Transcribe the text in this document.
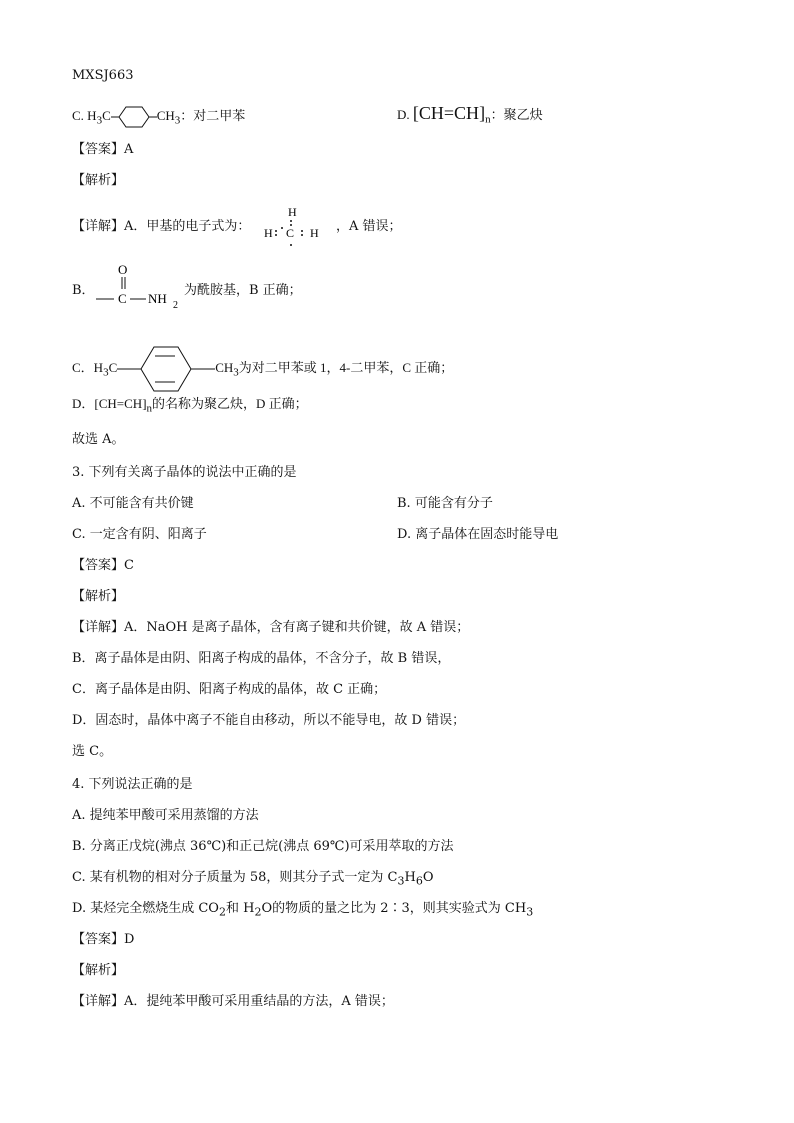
MXSJ663
C. $H_3C$	$CH_3$：对二甲苯	D. $[CH=CH]_n$：聚乙炔
【答案】A
【解析】
【详解】A．甲基的电子式为：
H
H C H ，A 错误；
B．
O
C NH 2
为酰胺基，B 正确；
C．$H_3C$	$CH_3$为对二甲苯或 1，4-二甲苯，C 正确；
D．$[CH=CH]_n$的名称为聚乙炔，D 正确；
故选 A。
3. 下列有关离子晶体的说法中正确的是
A. 不可能含有共价键	B. 可能含有分子
C. 一定含有阴、阳离子	D. 离子晶体在固态时能导电
【答案】C
【解析】
【详解】A．NaOH 是离子晶体，含有离子键和共价键，故 A 错误；
B．离子晶体是由阴、阳离子构成的晶体，不含分子，故 B 错误，
C．离子晶体是由阴、阳离子构成的晶体，故 C 正确；
D．固态时，晶体中离子不能自由移动，所以不能导电，故 D 错误；
选 C。
4. 下列说法正确的是
A. 提纯苯甲酸可采用蒸馏的方法
B. 分离正戊烷(沸点 36℃)和正己烷(沸点 69℃)可采用萃取的方法
C. 某有机物的相对分子质量为 58，则其分子式一定为 $C_3H_6O$
D. 某烃完全燃烧生成 $CO_2$和 $H_2O$的物质的量之比为 2∶3，则其实验式为 $CH_3$
【答案】D
【解析】
【详解】A．提纯苯甲酸可采用重结晶的方法，A 错误；
